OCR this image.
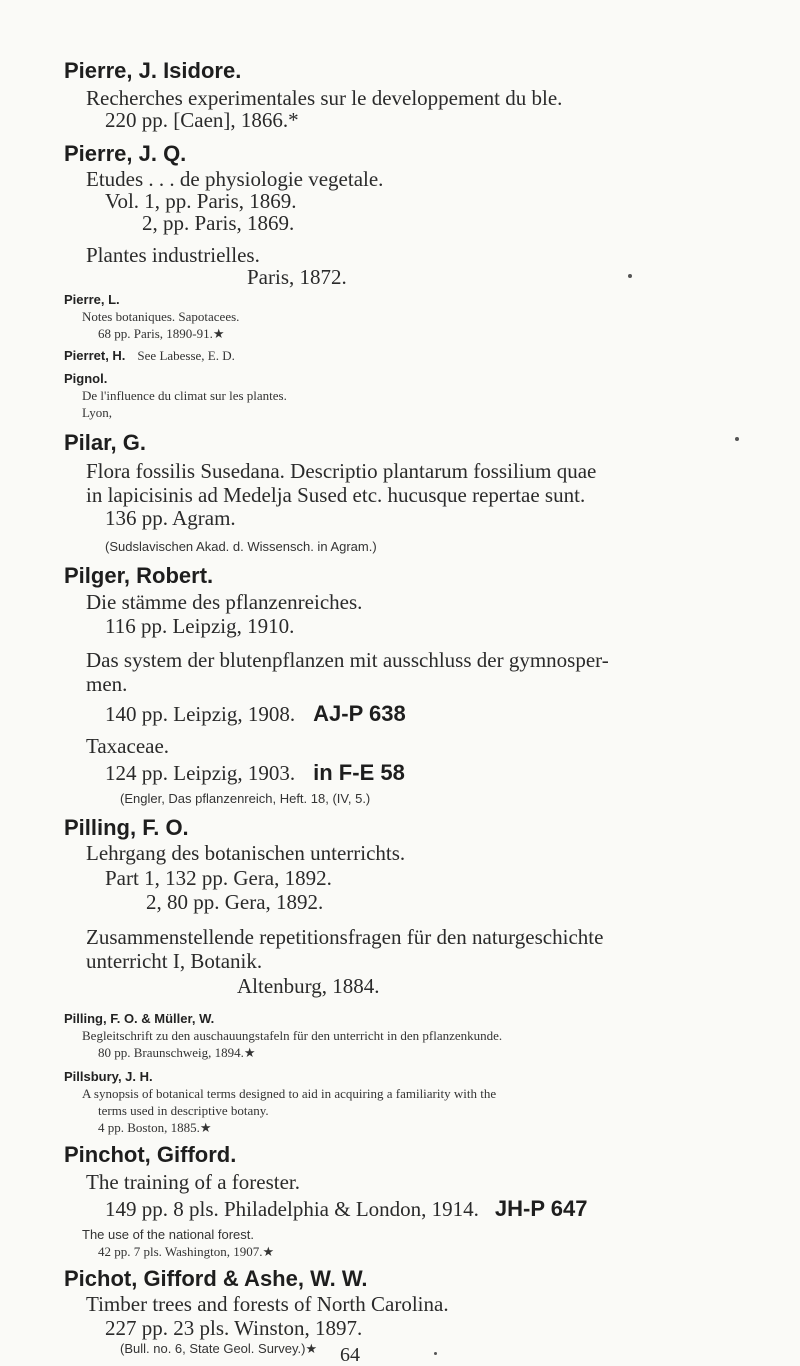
Pierre, J. Isidore.
Recherches experimentales sur le developpement du ble.
220 pp. [Caen], 1866.*
Pierre, J. Q.
Etudes . . . de physiologie vegetale.
Vol. 1, pp. Paris, 1869.
2, pp. Paris, 1869.
Plantes industrielles.
Paris, 1872.
Pierre, L.
Notes botaniques. Sapotacees.
68 pp. Paris, 1890-91.★
Pierret, H. See Labesse, E. D.
Pignol.
De l'influence du climat sur les plantes.
Lyon,
Pilar, G.
Flora fossilis Susedana. Descriptio plantarum fossilium quae
in lapicisinis ad Medelja Sused etc. hucusque repertae sunt.
136 pp. Agram.
(Sudslavischen Akad. d. Wissensch. in Agram.)
Pilger, Robert.
Die stämme des pflanzenreiches.
116 pp. Leipzig, 1910.
Das system der blutenpflanzen mit ausschluss der gymnosper-
men.
140 pp. Leipzig, 1908. AJ-P 638
Taxaceae.
124 pp. Leipzig, 1903. in F-E 58
(Engler, Das pflanzenreich, Heft. 18, (IV, 5.)
Pilling, F. O.
Lehrgang des botanischen unterrichts.
Part 1, 132 pp. Gera, 1892.
2, 80 pp. Gera, 1892.
Zusammenstellende repetitionsfragen für den naturgeschichte
unterricht I, Botanik.
Altenburg, 1884.
Pilling, F. O. & Müller, W.
Begleitschrift zu den auschauungstafeln für den unterricht in den pflanzenkunde.
80 pp. Braunschweig, 1894.★
Pillsbury, J. H.
A synopsis of botanical terms designed to aid in acquiring a familiarity with the
terms used in descriptive botany.
4 pp. Boston, 1885.★
Pinchot, Gifford.
The training of a forester.
149 pp. 8 pls. Philadelphia & London, 1914. JH-P 647
The use of the national forest.
42 pp. 7 pls. Washington, 1907.★
Pichot, Gifford & Ashe, W. W.
Timber trees and forests of North Carolina.
227 pp. 23 pls. Winston, 1897.
(Bull. no. 6, State Geol. Survey.)★ 64
